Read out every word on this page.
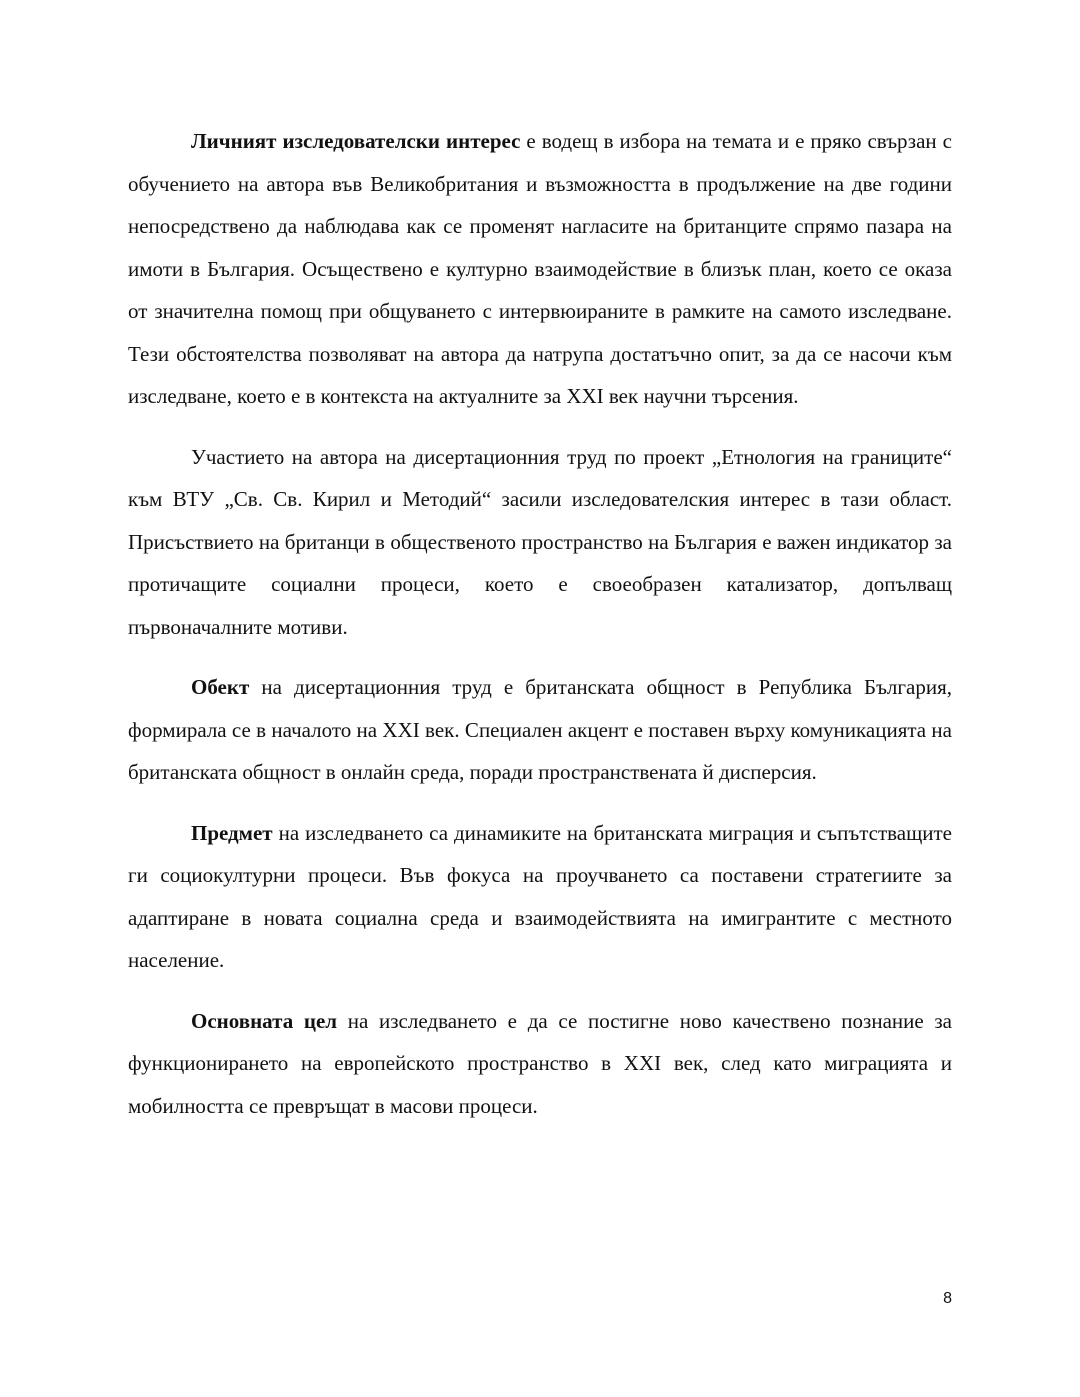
Личният изследователски интерес е водещ в избора на темата и е пряко свързан с обучението на автора във Великобритания и възможността в продължение на две години непосредствено да наблюдава как се променят нагласите на британците спрямо пазара на имоти в България. Осъществено е културно взаимодействие в близък план, което се оказа от значителна помощ при общуването с интервюираните в рамките на самото изследване. Тези обстоятелства позволяват на автора да натрупа достатъчно опит, за да се насочи към изследване, което е в контекста на актуалните за XXI век научни търсения.

Участието на автора на дисертационния труд по проект „Етнология на границите“ към ВТУ „Св. Св. Кирил и Методий“ засили изследователския интерес в тази област. Присъствието на британци в общественото пространство на България е важен индикатор за протичащите социални процеси, което е своеобразен катализатор, допълващ първоначалните мотиви.

Обект на дисертационния труд е британската общност в Република България, формирала се в началото на XXI век. Специален акцент е поставен върху комуникацията на британската общност в онлайн среда, поради пространствената й дисперсия.

Предмет на изследването са динамиките на британската миграция и съпътстващите ги социокултурни процеси. Във фокуса на проучването са поставени стратегиите за адаптиране в новата социална среда и взаимодействията на имигрантите с местното население.

Основната цел на изследването е да се постигне ново качествено познание за функционирането на европейското пространство в XXI век, след като миграцията и мобилността се превръщат в масови процеси.

8
